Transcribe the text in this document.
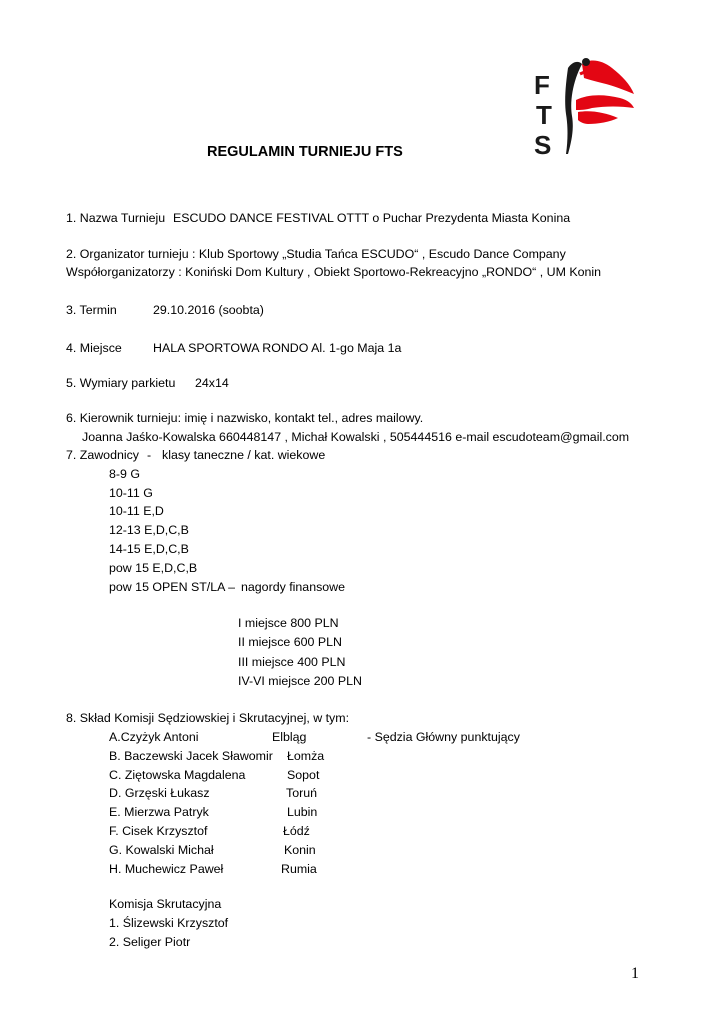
F
T
S
REGULAMIN TURNIEJU FTS
1. Nazwa Turnieju ESCUDO DANCE FESTIVAL OTTT o Puchar Prezydenta Miasta Konina
2. Organizator turnieju : Klub Sportowy „Studia Tańca ESCUDO“ , Escudo Dance Company
Współorganizatorzy : Koniński Dom Kultury , Obiekt Sportowo-Rekreacyjno „RONDO“ , UM Konin
3. Termin	29.10.2016 (soobta)
4. Miejsce	HALA SPORTOWA RONDO Al. 1-go Maja 1a
5. Wymiary parkietu 24x14
6. Kierownik turnieju: imię i nazwisko, kontakt tel., adres mailowy.
Joanna Jaśko-Kowalska 660448147 , Michał Kowalski , 505444516 e-mail escudoteam@gmail.com
7. Zawodnicy - klasy taneczne / kat. wiekowe
8-9 G
10-11 G
10-11 E,D
12-13 E,D,C,B
14-15 E,D,C,B
pow 15 E,D,C,B
pow 15 OPEN ST/LA – nagordy finansowe
I miejsce 800 PLN
II miejsce 600 PLN
III miejsce 400 PLN
IV-VI miejsce 200 PLN
8. Skład Komisji Sędziowskiej i Skrutacyjnej, w tym:
A.Czyżyk Antoni	Elbląg	- Sędzia Główny punktujący
B. Baczewski Jacek Sławomir Łomża
C. Ziętowska Magdalena	Sopot
D. Grzęski Łukasz	Toruń
E. Mierzwa Patryk	Lubin
F. Cisek Krzysztof	Łódź
G. Kowalski Michał	Konin
H. Muchewicz Paweł	Rumia
Komisja Skrutacyjna
1. Ślizewski Krzysztof
2. Seliger Piotr
1
